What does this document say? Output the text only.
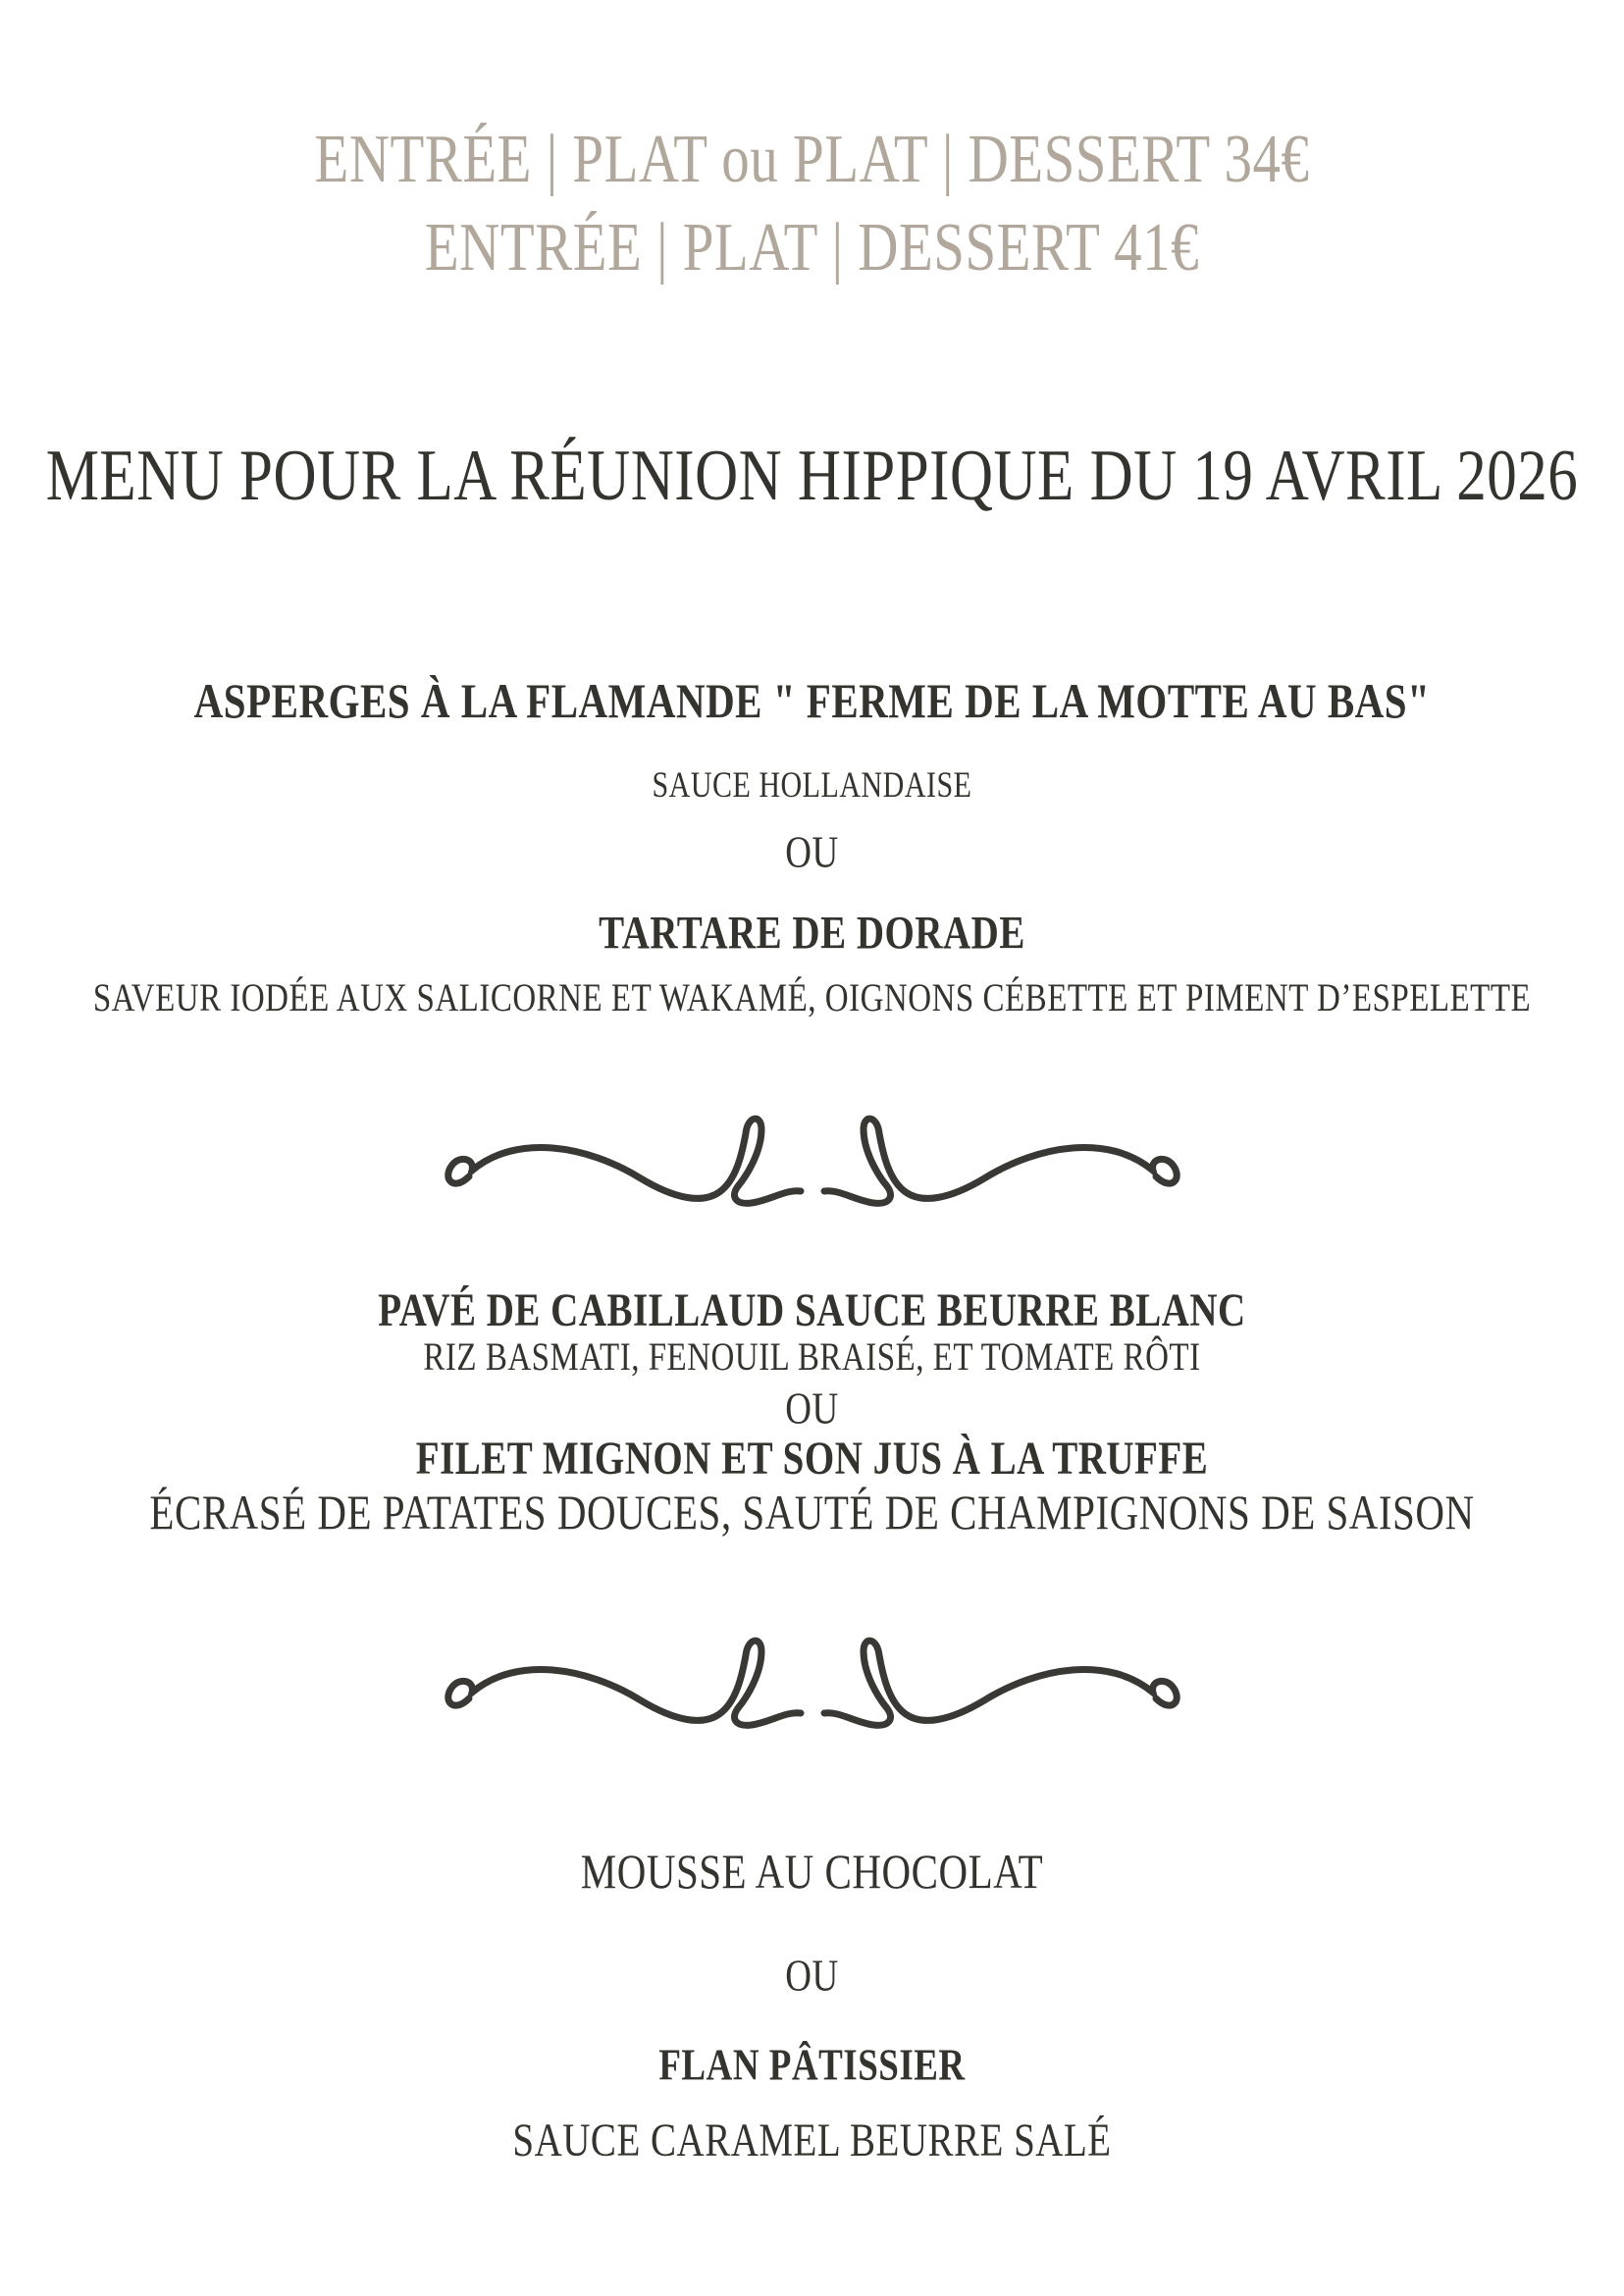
ENTRÉE | PLAT ou PLAT | DESSERT 34€
ENTRÉE | PLAT | DESSERT 41€
MENU POUR LA RÉUNION HIPPIQUE DU 19 AVRIL 2026
ASPERGES À LA FLAMANDE " FERME DE LA MOTTE AU BAS"
SAUCE HOLLANDAISE
OU
TARTARE DE DORADE
SAVEUR IODÉE AUX SALICORNE ET WAKAMÉ, OIGNONS CÉBETTE ET PIMENT D’ESPELETTE
PAVÉ DE CABILLAUD SAUCE BEURRE BLANC
RIZ BASMATI, FENOUIL BRAISÉ, ET TOMATE RÔTI
OU
FILET MIGNON ET SON JUS À LA TRUFFE
ÉCRASÉ DE PATATES DOUCES, SAUTÉ DE CHAMPIGNONS DE SAISON
MOUSSE AU CHOCOLAT
OU
FLAN PÂTISSIER
SAUCE CARAMEL BEURRE SALÉ
